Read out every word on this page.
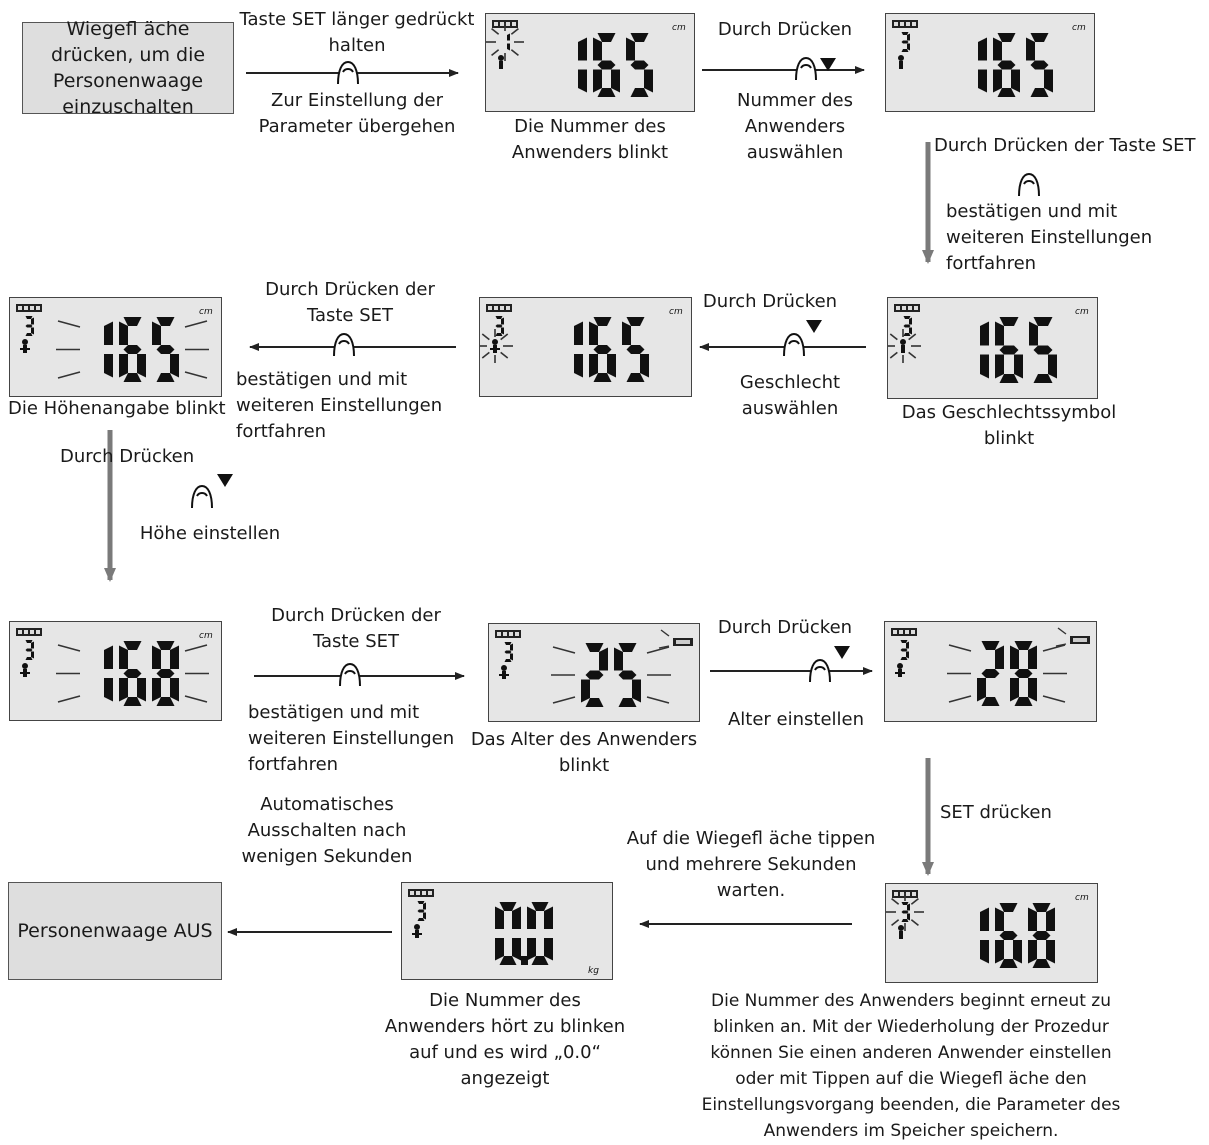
Wiegefl äche drücken, um die Personenwaage einzuschalten
Personenwaage AUS
cm	cm
cm
cm
cm
cm
cm
kg
Taste SET länger gedrückt
halten
Zur Einstellung der
Parameter übergehen	Die Nummer des
Anwenders blinkt
Durch Drücken
Nummer des
Anwenders
auswählen	Durch Drücken der Taste SET
bestätigen und mit
weiteren Einstellungen
fortfahren
Durch Drücken
Geschlecht
auswählen	Das Geschlechtssymbol
blinkt
Durch Drücken der
Taste SET
bestätigen und mit
weiteren Einstellungen
fortfahren
Die Höhenangabe blinkt
Durch Drücken
Höhe einstellen
Durch Drücken der
Taste SET
bestätigen und mit
weiteren Einstellungen
fortfahren
Das Alter des Anwenders
blinkt
Durch Drücken
Alter einstellen
SET drücken
Auf die Wiegefl äche tippen
und mehrere Sekunden
warten.
Automatisches
Ausschalten nach
wenigen Sekunden
Die Nummer des
Anwenders hört zu blinken
auf und es wird „0.0“
angezeigt
Die Nummer des Anwenders beginnt erneut zu
blinken an. Mit der Wiederholung der Prozedur
können Sie einen anderen Anwender einstellen
oder mit Tippen auf die Wiegefl äche den
Einstellungsvorgang beenden, die Parameter des
Anwenders im Speicher speichern.
